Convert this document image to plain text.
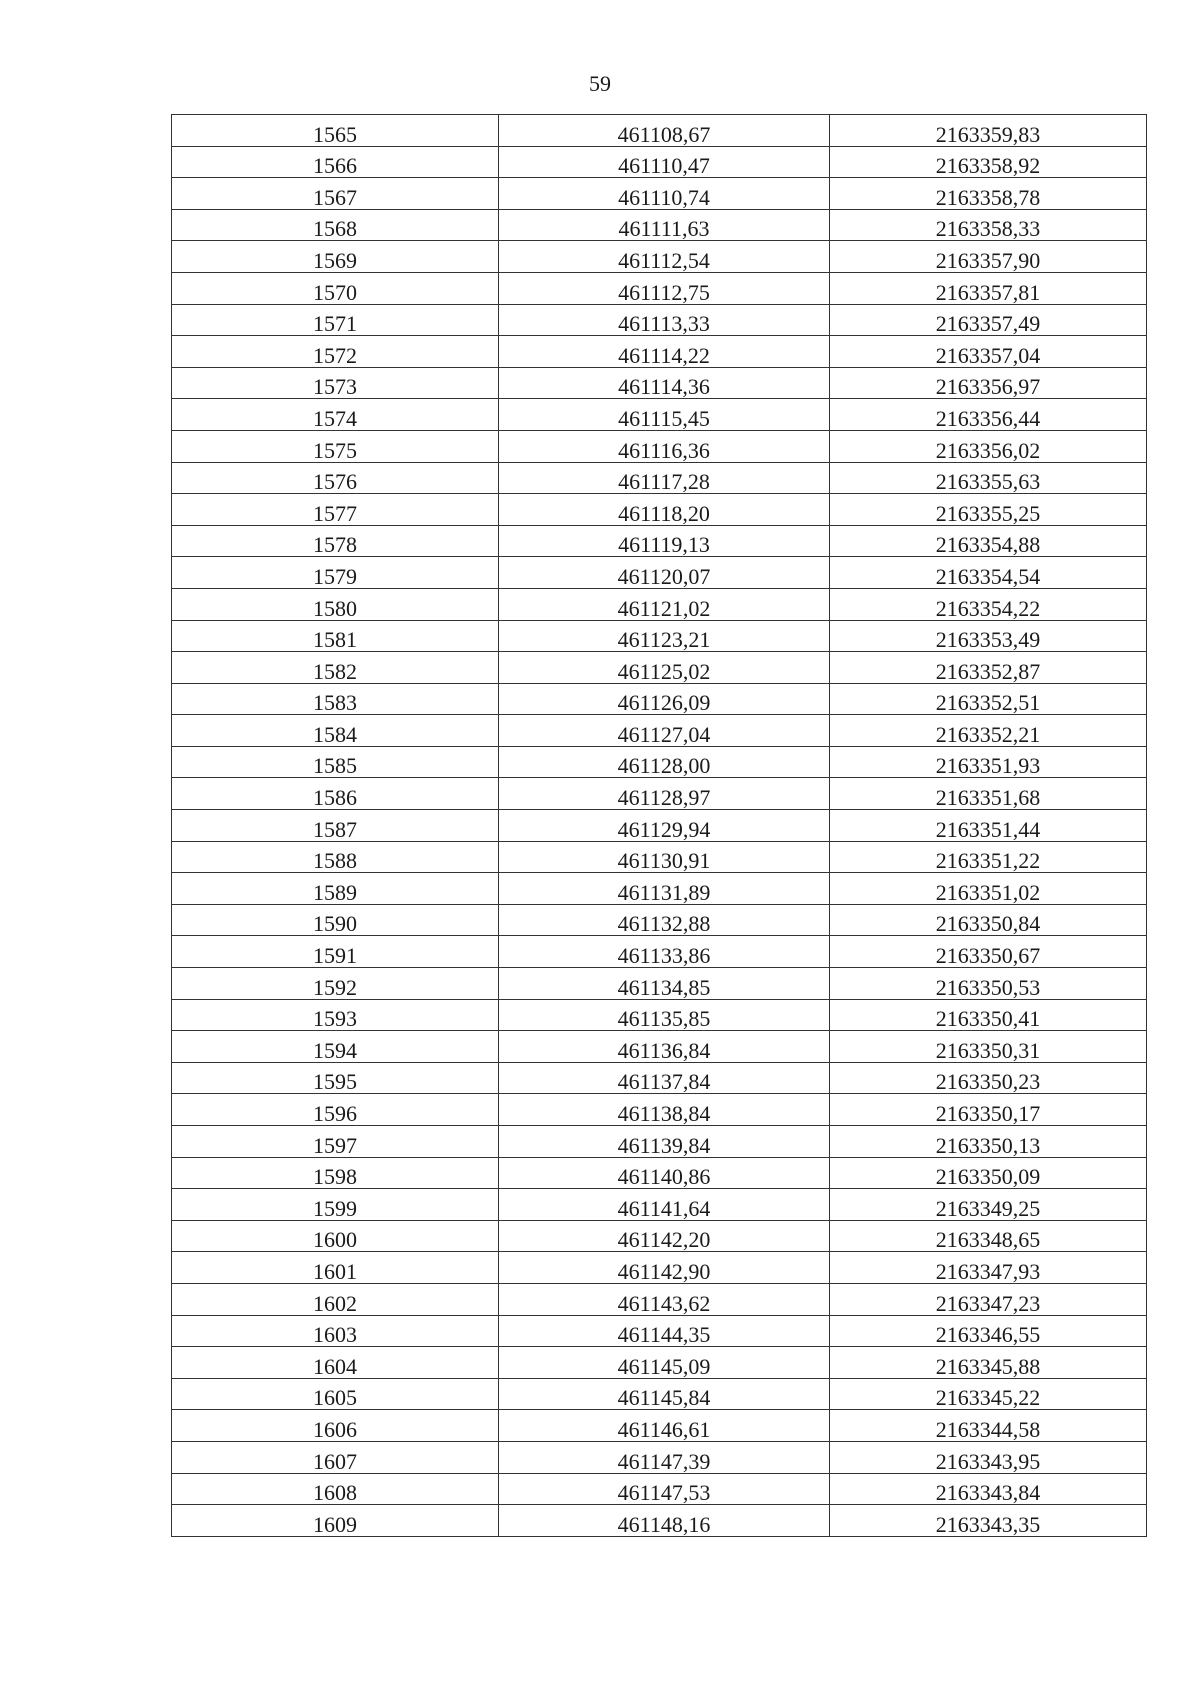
59
1565	461108,67	2163359,83
1566	461110,47	2163358,92
1567	461110,74	2163358,78
1568	461111,63	2163358,33
1569	461112,54	2163357,90
1570	461112,75	2163357,81
1571	461113,33	2163357,49
1572	461114,22	2163357,04
1573	461114,36	2163356,97
1574	461115,45	2163356,44
1575	461116,36	2163356,02
1576	461117,28	2163355,63
1577	461118,20	2163355,25
1578	461119,13	2163354,88
1579	461120,07	2163354,54
1580	461121,02	2163354,22
1581	461123,21	2163353,49
1582	461125,02	2163352,87
1583	461126,09	2163352,51
1584	461127,04	2163352,21
1585	461128,00	2163351,93
1586	461128,97	2163351,68
1587	461129,94	2163351,44
1588	461130,91	2163351,22
1589	461131,89	2163351,02
1590	461132,88	2163350,84
1591	461133,86	2163350,67
1592	461134,85	2163350,53
1593	461135,85	2163350,41
1594	461136,84	2163350,31
1595	461137,84	2163350,23
1596	461138,84	2163350,17
1597	461139,84	2163350,13
1598	461140,86	2163350,09
1599	461141,64	2163349,25
1600	461142,20	2163348,65
1601	461142,90	2163347,93
1602	461143,62	2163347,23
1603	461144,35	2163346,55
1604	461145,09	2163345,88
1605	461145,84	2163345,22
1606	461146,61	2163344,58
1607	461147,39	2163343,95
1608	461147,53	2163343,84
1609	461148,16	2163343,35
